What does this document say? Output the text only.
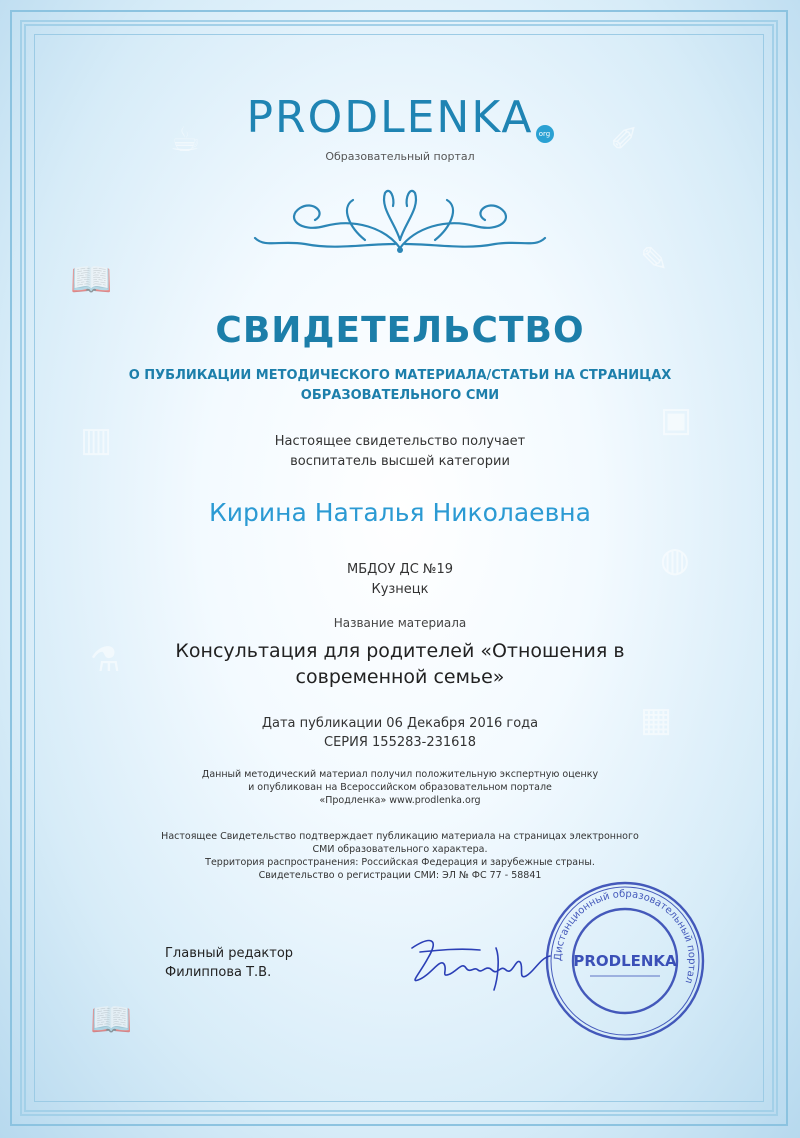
📖	✎
▥	▣
◍
⚗
▦
📖
☕	✐
PRODLENKA org
Образовательный портал
СВИДЕТЕЛЬСТВО
О ПУБЛИКАЦИИ МЕТОДИЧЕСКОГО МАТЕРИАЛА/СТАТЬИ НА СТРАНИЦАХ
ОБРАЗОВАТЕЛЬНОГО СМИ
Настоящее свидетельство получает
воспитатель высшей категории
Кирина Наталья Николаевна
МБДОУ ДС №19
Кузнецк
Название материала
Консультация для родителей «Отношения в
современной семье»
Дата публикации 06 Декабря 2016 года
СЕРИЯ 155283-231618
Данный методический материал получил положительную экспертную оценку
и опубликован на Всероссийском образовательном портале
«Продленка» www.prodlenka.org
Настоящее Свидетельство подтверждает публикацию материала на страницах электронного
СМИ образовательного характера.
Территория распространения: Российская Федерация и зарубежные страны.
Свидетельство о регистрации СМИ: ЭЛ № ФС 77 - 58841
Главный редактор
Филиппова Т.В.
Дистанционный образовательный портал
PRODLENKA
